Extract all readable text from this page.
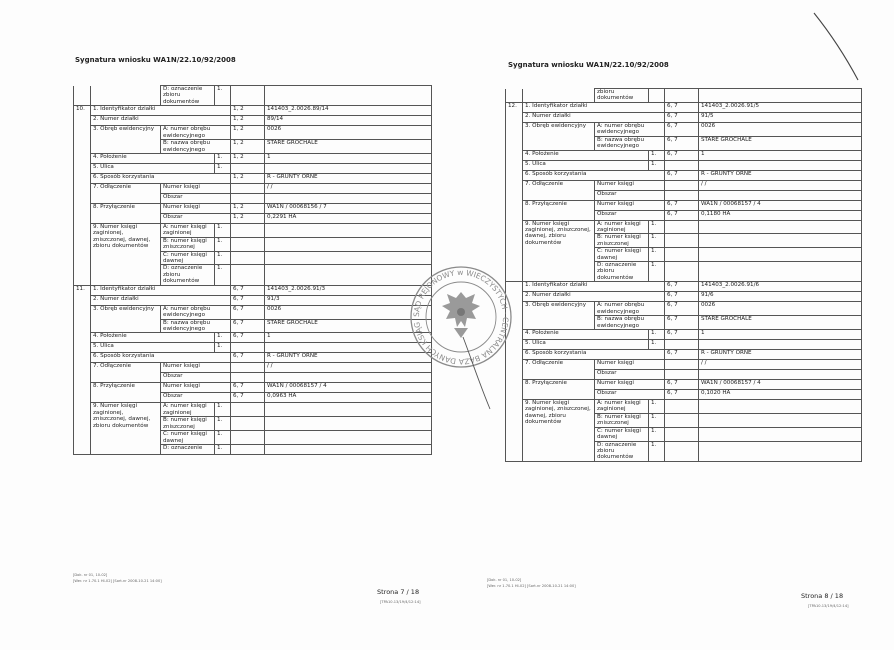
Sygnatura wniosku WA1N/22.10/92/2008
		D: oznaczenie zbioru dokumentów	1.		
10.	1. Identyfikator działki			1, 2	141403_2.0026.89/14
	2. Numer działki			1, 2	89/14
	3. Obręb ewidencyjny	A: numer obrębu ewidencyjnego		1, 2	0026
		B: nazwa obrębu ewidencyjnego		1, 2	STARE GROCHALE
	4. Położenie		1.	1, 2	1
	5. Ulica		1.		
	6. Sposób korzystania			1, 2	R - GRUNTY ORNE
	7. Odłączenie	Numer księgi			/ /
		Obszar			
	8. Przyłączenie	Numer księgi		1, 2	WA1N / 00068156 / 7
		Obszar		1, 2	0,2291 HA
	9. Numer księgi zaginionej, zniszczonej, dawnej, zbioru dokumentów	A: numer księgi zaginionej	1.		
		B: numer księgi zniszczonej	1.		
		C: numer księgi dawnej	1.		
		D: oznaczenie zbioru dokumentów	1.		
11.	1. Identyfikator działki			6, 7	141403_2.0026.91/3
	2. Numer działki			6, 7	91/3
	3. Obręb ewidencyjny	A: numer obrębu ewidencyjnego		6, 7	0026
		B: nazwa obrębu ewidencyjnego		6, 7	STARE GROCHALE
	4. Położenie		1.	6, 7	1
	5. Ulica		1.		
	6. Sposób korzystania			6, 7	R - GRUNTY ORNE
	7. Odłączenie	Numer księgi			/ /
		Obszar			
	8. Przyłączenie	Numer księgi		6, 7	WA1N / 00068157 / 4
		Obszar		6, 7	0,0963 HA
	9. Numer księgi zaginionej, zniszczonej, dawnej, zbioru dokumentów	A: numer księgi zaginionej	1.		
		B: numer księgi zniszczonej	1.		
		C: numer księgi dawnej	1.		
		D: oznaczenie	1.		
[Dok. nr 01, 10-02]
[Wer. nr 1.70.1 HI-02] [Sort.nr 2008-10-21 14:00]
Strona 7 / 18
[TPA10.13/19/4/12:14]
Sygnatura wniosku WA1N/22.10/92/2008
		zbioru dokumentów			
12.	1. Identyfikator działki			6, 7	141403_2.0026.91/5
	2. Numer działki			6, 7	91/5
	3. Obręb ewidencyjny	A: numer obrębu ewidencyjnego		6, 7	0026
		B: nazwa obrębu ewidencyjnego		6, 7	STARE GROCHALE
	4. Położenie		1.	6, 7	1
	5. Ulica		1.		
	6. Sposób korzystania			6, 7	R - GRUNTY ORNE
	7. Odłączenie	Numer księgi			/ /
		Obszar			
	8. Przyłączenie	Numer księgi		6, 7	WA1N / 00068157 / 4
		Obszar		6, 7	0,1180 HA
	9. Numer księgi zaginionej, zniszczonej, dawnej, zbioru dokumentów	A: numer księgi zaginionej	1.		
		B: numer księgi zniszczonej	1.		
		C: numer księgi dawnej	1.		
		D: oznaczenie zbioru dokumentów	1.		
	1. Identyfikator działki			6, 7	141403_2.0026.91/6
	2. Numer działki			6, 7	91/6
	3. Obręb ewidencyjny	A: numer obrębu ewidencyjnego		6, 7	0026
		B: nazwa obrębu ewidencyjnego		6, 7	STARE GROCHALE
	4. Położenie		1.	6, 7	1
	5. Ulica		1.		
	6. Sposób korzystania			6, 7	R - GRUNTY ORNE
	7. Odłączenie	Numer księgi			/ /
		Obszar			
	8. Przyłączenie	Numer księgi		6, 7	WA1N / 00068157 / 4
		Obszar		6, 7	0,1020 HA
	9. Numer księgi zaginionej, zniszczonej, dawnej, zbioru dokumentów	A: numer księgi zaginionej	1.		
		B: numer księgi zniszczonej	1.		
		C: numer księgi dawnej	1.		
		D: oznaczenie zbioru dokumentów	1.		
[Dok. nr 01, 10-02]
[Wer. nr 1.70.1 HI-02] [Sort.nr 2008-10-21 14:00]
Strona 8 / 18
[TPA10.13/19/4/12:14]
SĄD REJONOWY w WIECZYSTYCH · CENTRALNA BAZA DANYCH KSIĄG
